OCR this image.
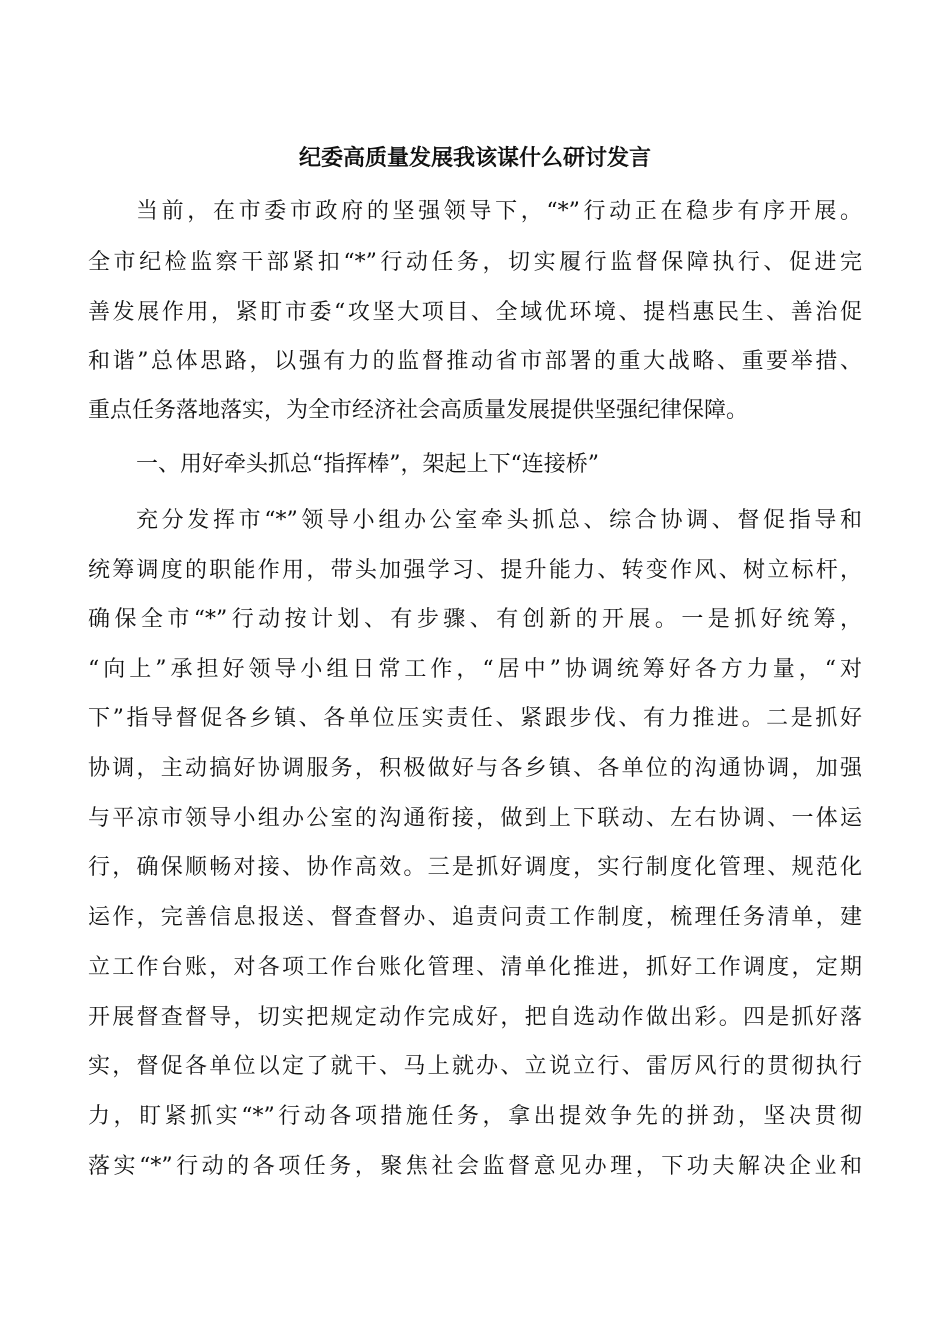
纪委高质量发展我该谋什么研讨发言
当前，在市委市政府的坚强领导下，“*”行动正在稳步有序开展。
全市纪检监察干部紧扣“*”行动任务，切实履行监督保障执行、促进完
善发展作用，紧盯市委“攻坚大项目、全域优环境、提档惠民生、善治促
和谐”总体思路，以强有力的监督推动省市部署的重大战略、重要举措、
重点任务落地落实，为全市经济社会高质量发展提供坚强纪律保障。
一、用好牵头抓总“指挥棒”，架起上下“连接桥”
充分发挥市“*”领导小组办公室牵头抓总、综合协调、督促指导和
统筹调度的职能作用，带头加强学习、提升能力、转变作风、树立标杆，
确保全市“*”行动按计划、有步骤、有创新的开展。一是抓好统筹，
“向上”承担好领导小组日常工作，“居中”协调统筹好各方力量，“对
下”指导督促各乡镇、各单位压实责任、紧跟步伐、有力推进。二是抓好
协调，主动搞好协调服务，积极做好与各乡镇、各单位的沟通协调，加强
与平凉市领导小组办公室的沟通衔接，做到上下联动、左右协调、一体运
行，确保顺畅对接、协作高效。三是抓好调度，实行制度化管理、规范化
运作，完善信息报送、督查督办、追责问责工作制度，梳理任务清单，建
立工作台账，对各项工作台账化管理、清单化推进，抓好工作调度，定期
开展督查督导，切实把规定动作完成好，把自选动作做出彩。四是抓好落
实，督促各单位以定了就干、马上就办、立说立行、雷厉风行的贯彻执行
力，盯紧抓实“*”行动各项措施任务，拿出提效争先的拼劲，坚决贯彻
落实“*”行动的各项任务，聚焦社会监督意见办理，下功夫解决企业和
